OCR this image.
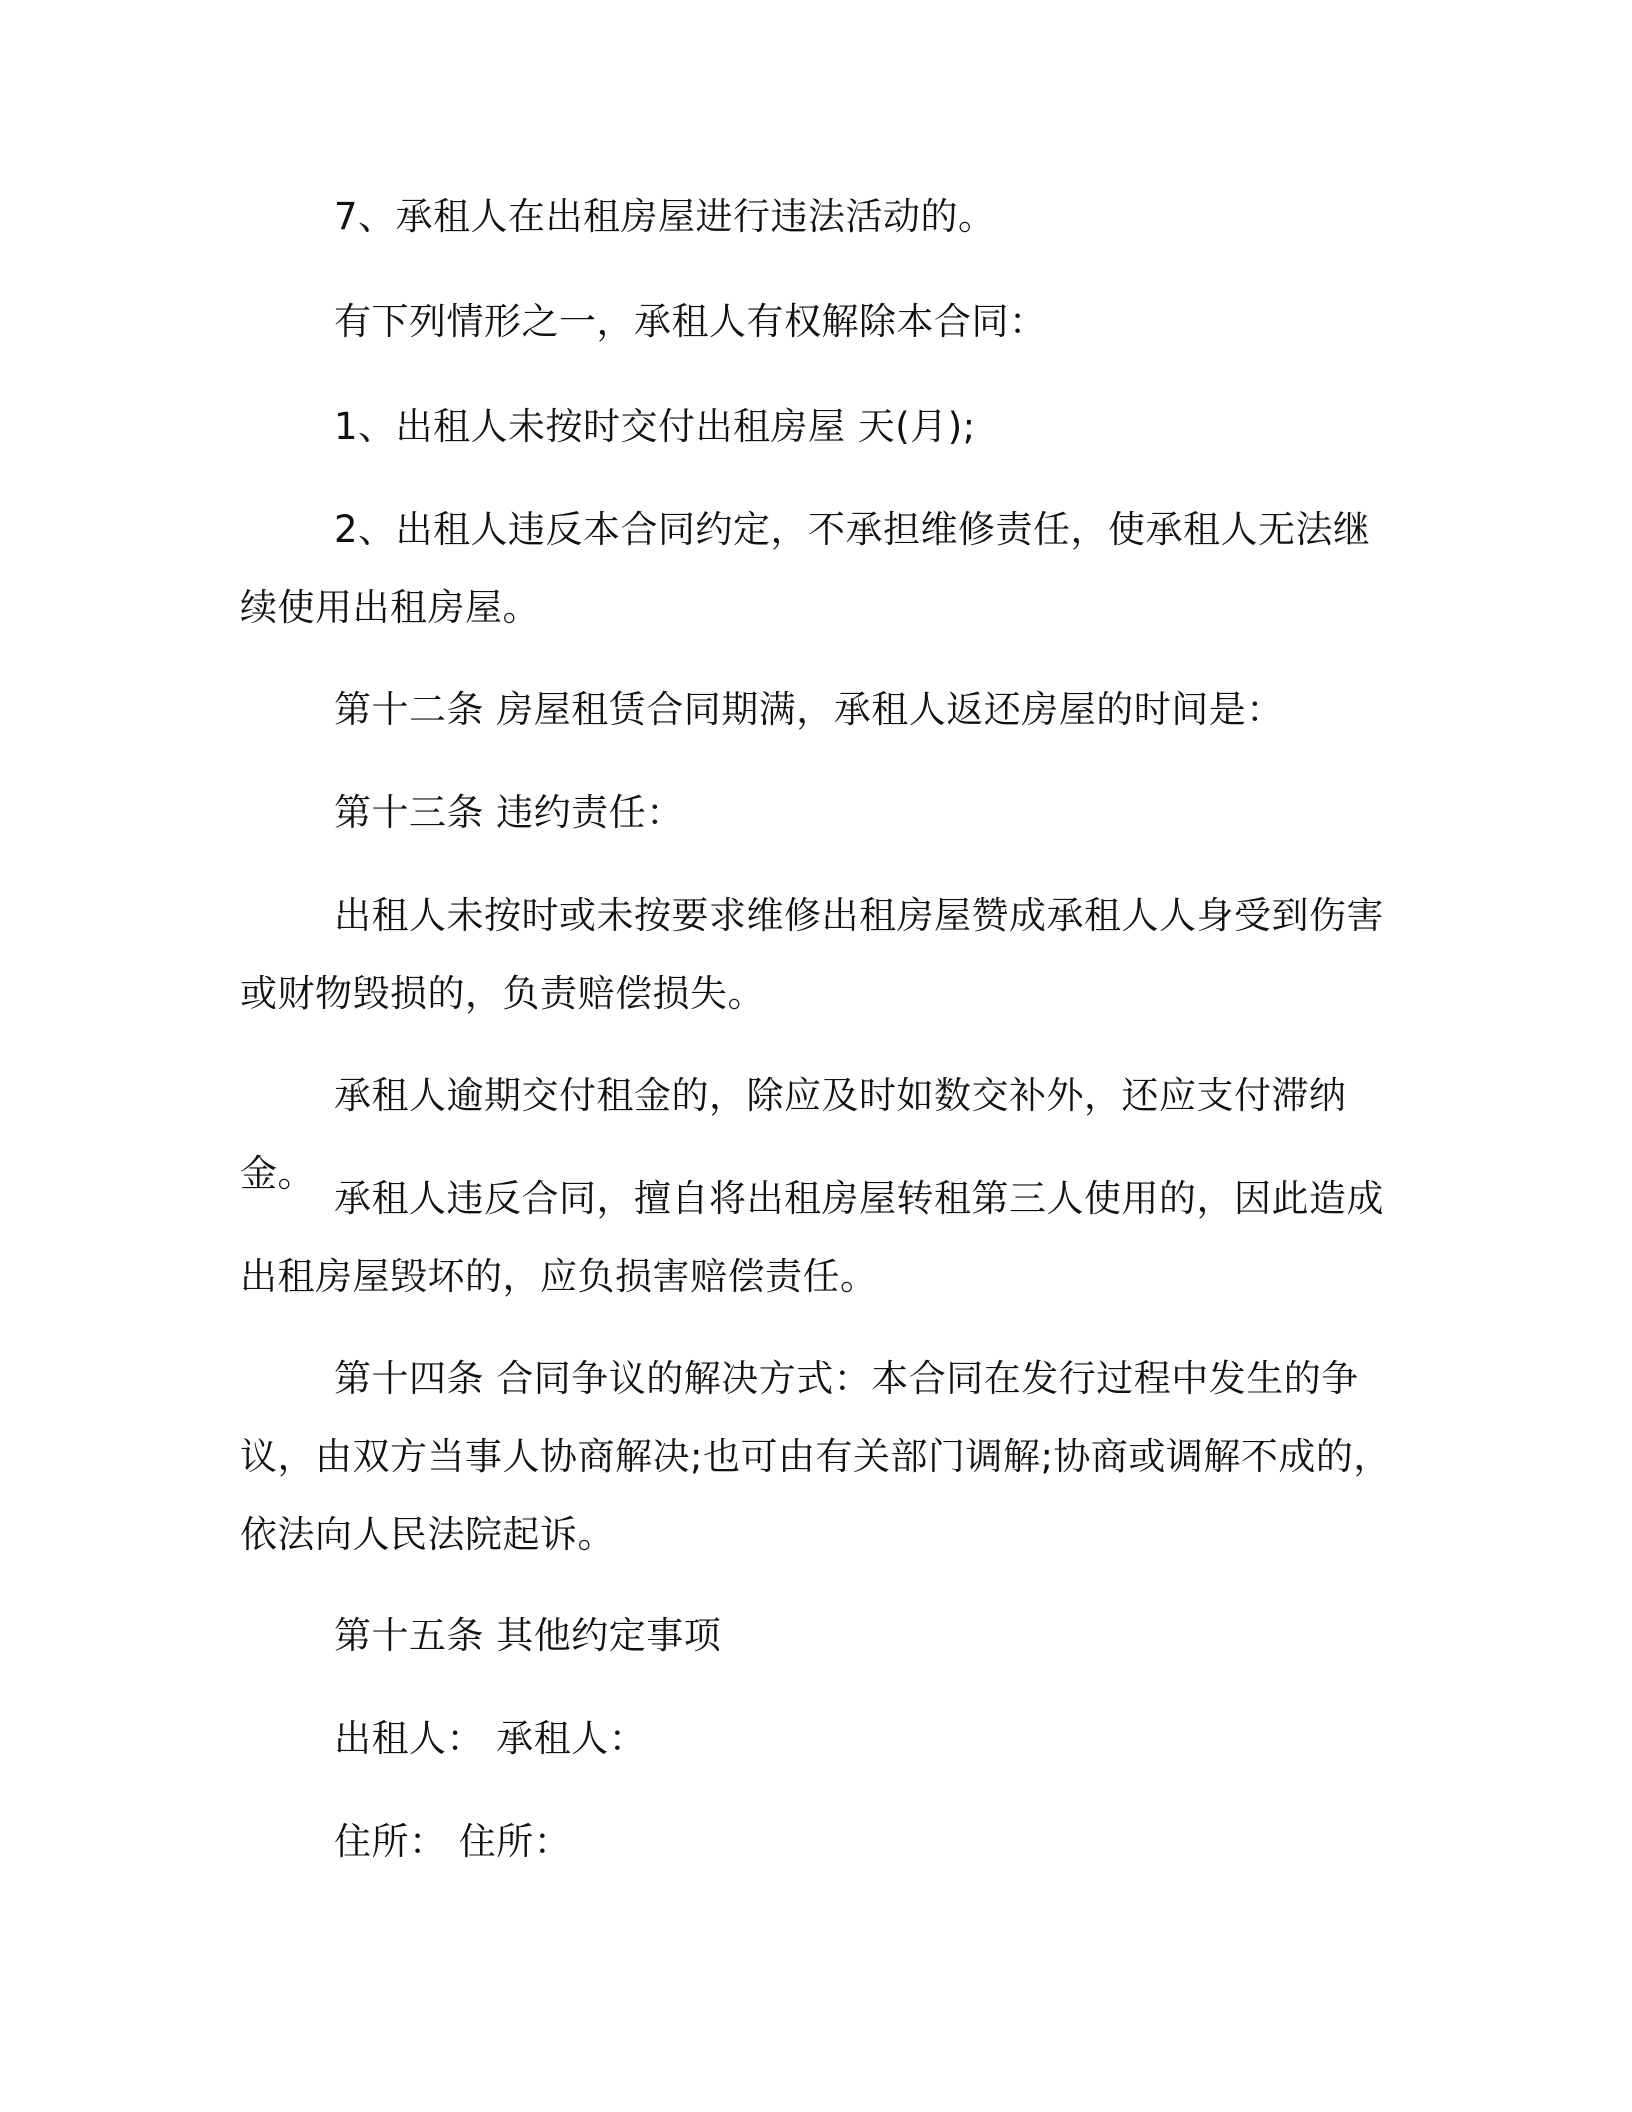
7、承租人在出租房屋进行违法活动的。

有下列情形之一，承租人有权解除本合同：

1、出租人未按时交付出租房屋 天(月);

2、出租人违反本合同约定，不承担维修责任，使承租人无法继续使用出租房屋。

第十二条 房屋租赁合同期满，承租人返还房屋的时间是：

第十三条 违约责任：

出租人未按时或未按要求维修出租房屋赞成承租人人身受到伤害或财物毁损的，负责赔偿损失。

承租人逾期交付租金的，除应及时如数交补外，还应支付滞纳金。

承租人违反合同，擅自将出租房屋转租第三人使用的，因此造成出租房屋毁坏的，应负损害赔偿责任。

第十四条 合同争议的解决方式：本合同在发行过程中发生的争议，由双方当事人协商解决;也可由有关部门调解;协商或调解不成的，依法向人民法院起诉。

第十五条 其他约定事项

出租人： 承租人：

住所： 住所：
